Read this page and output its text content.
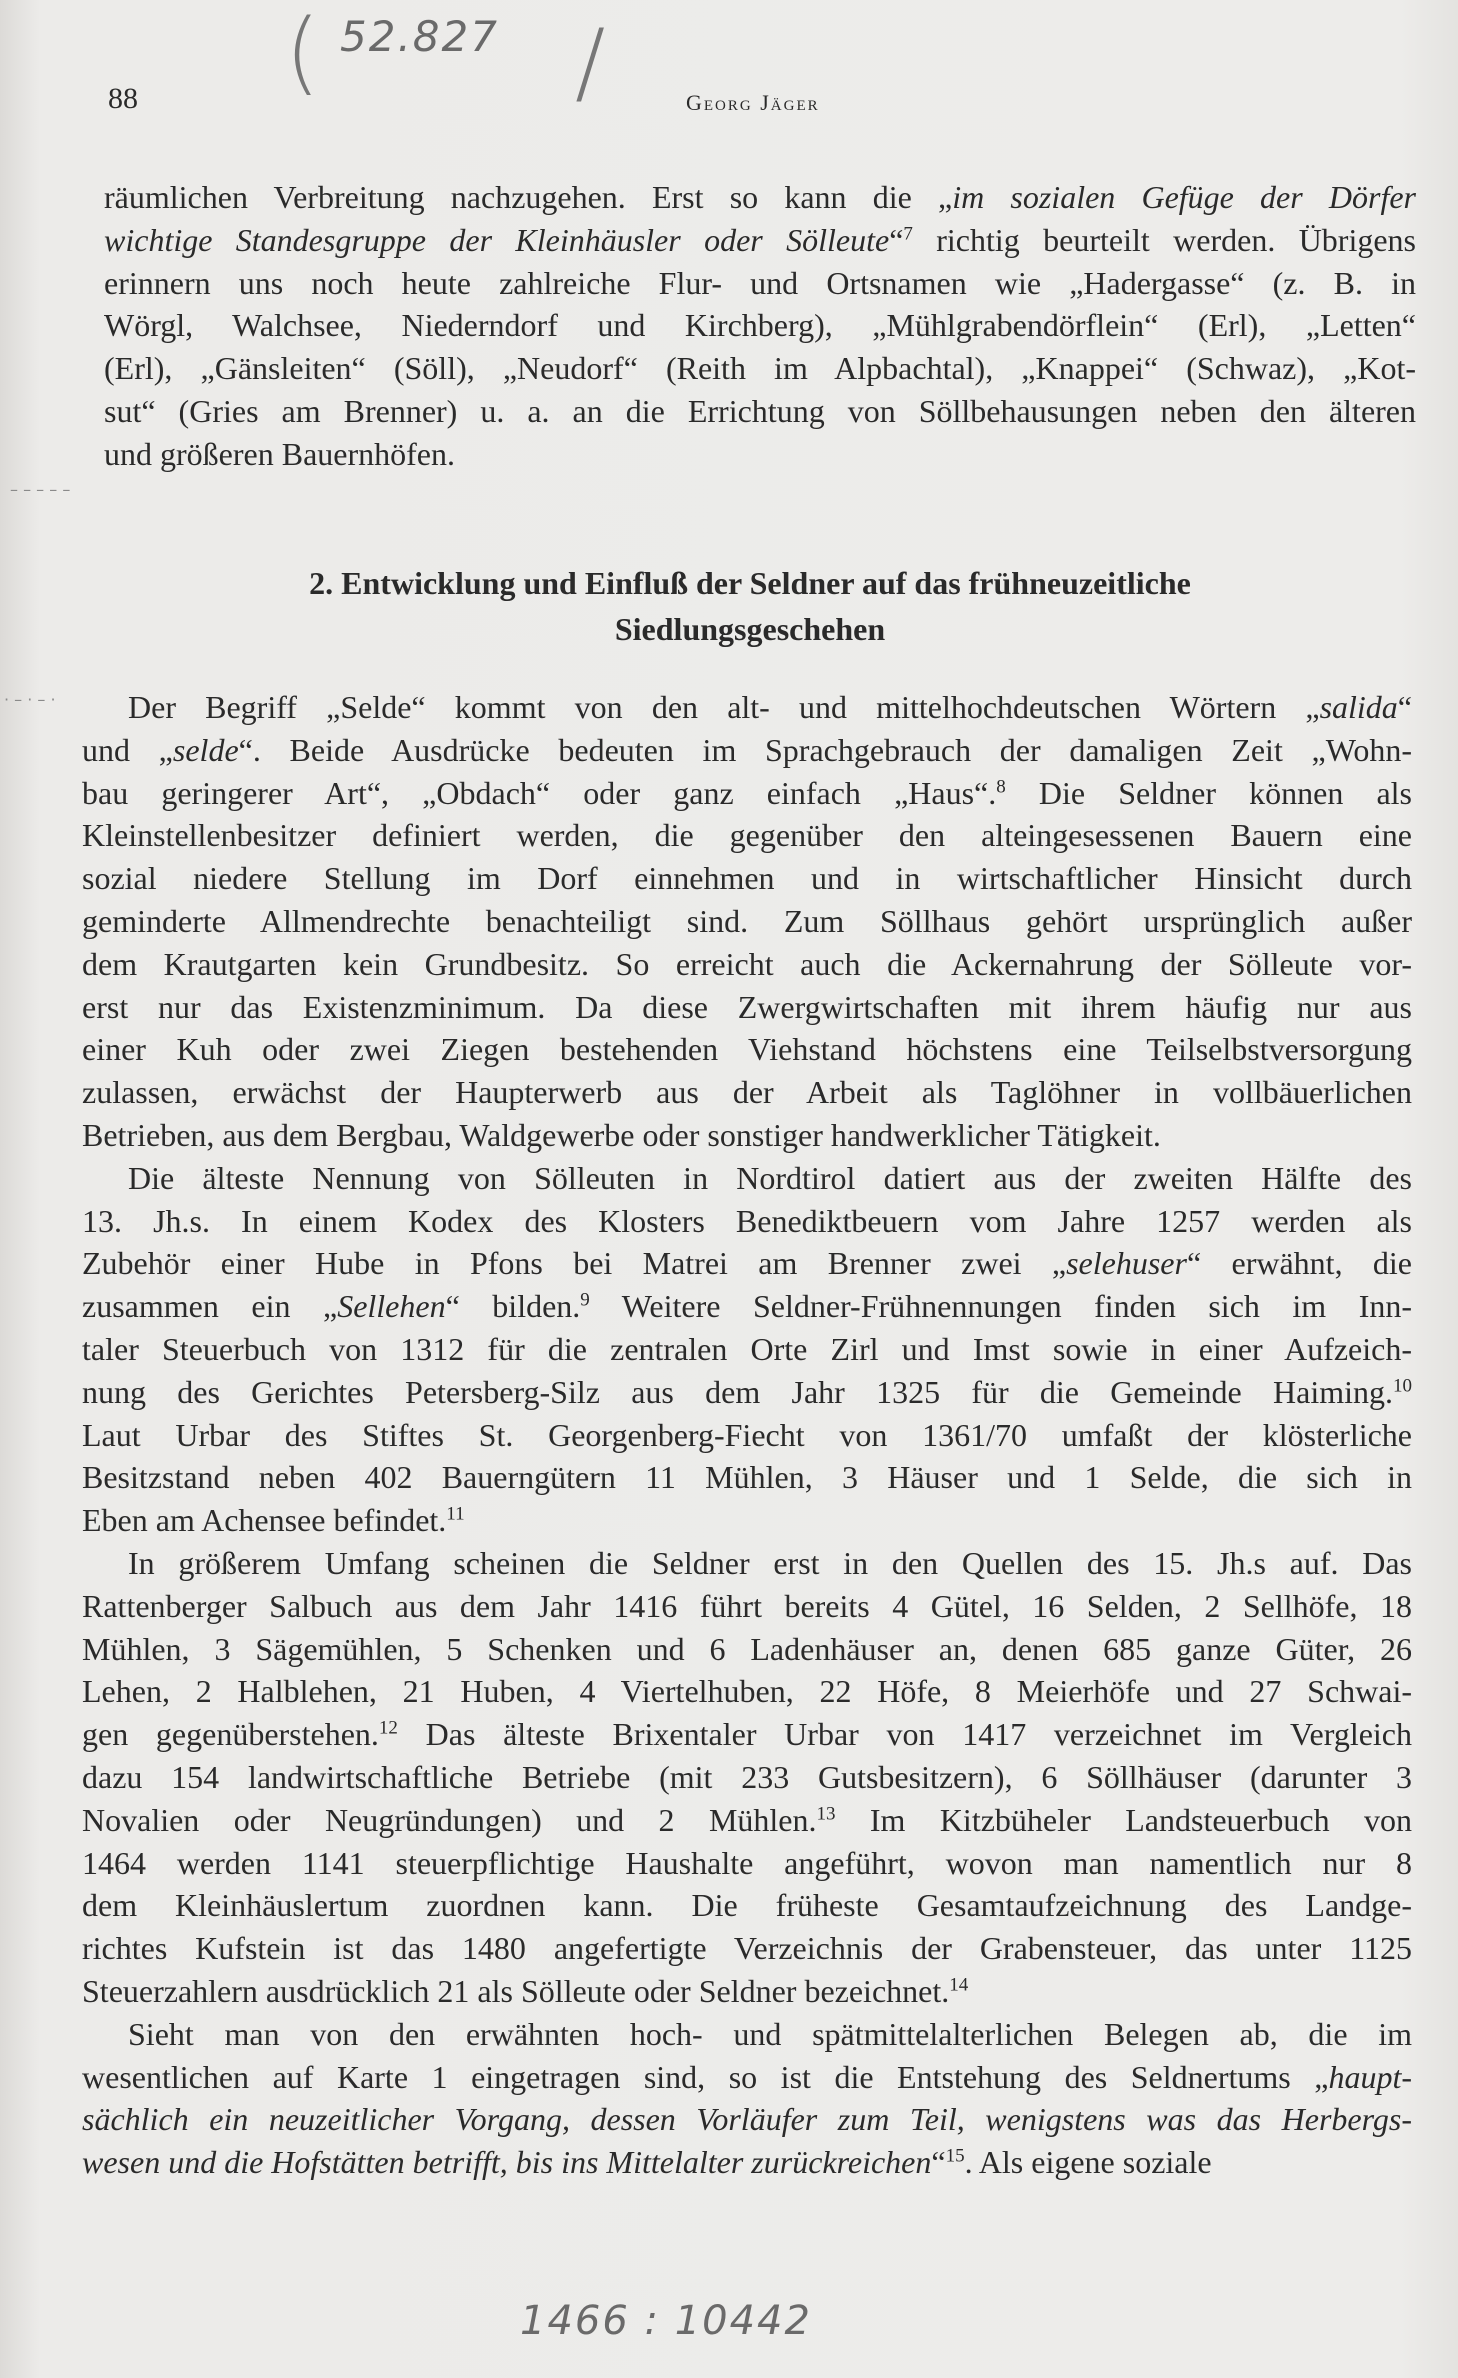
(	/
52.827
88	Georg Jäger
räumlichen Verbreitung nachzugehen. Erst so kann die „im sozialen Gefüge der Dörfer
wichtige Standesgruppe der Kleinhäusler oder Sölleute“$^7$ richtig beurteilt werden. Übrigens
erinnern uns noch heute zahlreiche Flur- und Ortsnamen wie „Hadergasse“ (z. B. in
Wörgl, Walchsee, Niederndorf und Kirchberg), „Mühlgrabendörflein“ (Erl), „Letten“
(Erl), „Gänsleiten“ (Söll), „Neudorf“ (Reith im Alpbachtal), „Knappei“ (Schwaz), „Kot-
sut“ (Gries am Brenner) u. a. an die Errichtung von Söllbehausungen neben den älteren
und größeren Bauernhöfen.
– – – – –
· – · – ·
2. Entwicklung und Einfluß der Seldner auf das frühneuzeitliche
Siedlungsgeschehen
Der Begriff „Selde“ kommt von den alt- und mittelhochdeutschen Wörtern „salida“
und „selde“. Beide Ausdrücke bedeuten im Sprachgebrauch der damaligen Zeit „Wohn-
bau geringerer Art“, „Obdach“ oder ganz einfach „Haus“.$^8$ Die Seldner können als
Kleinstellenbesitzer definiert werden, die gegenüber den alteingesessenen Bauern eine
sozial niedere Stellung im Dorf einnehmen und in wirtschaftlicher Hinsicht durch
geminderte Allmendrechte benachteiligt sind. Zum Söllhaus gehört ursprünglich außer
dem Krautgarten kein Grundbesitz. So erreicht auch die Ackernahrung der Sölleute vor-
erst nur das Existenzminimum. Da diese Zwergwirtschaften mit ihrem häufig nur aus
einer Kuh oder zwei Ziegen bestehenden Viehstand höchstens eine Teilselbstversorgung
zulassen, erwächst der Haupterwerb aus der Arbeit als Taglöhner in vollbäuerlichen
Betrieben, aus dem Bergbau, Waldgewerbe oder sonstiger handwerklicher Tätigkeit.
Die älteste Nennung von Sölleuten in Nordtirol datiert aus der zweiten Hälfte des
13. Jh.s. In einem Kodex des Klosters Benediktbeuern vom Jahre 1257 werden als
Zubehör einer Hube in Pfons bei Matrei am Brenner zwei „selehuser“ erwähnt, die
zusammen ein „Sellehen“ bilden.$^9$ Weitere Seldner-Frühnennungen finden sich im Inn-
taler Steuerbuch von 1312 für die zentralen Orte Zirl und Imst sowie in einer Aufzeich-
nung des Gerichtes Petersberg-Silz aus dem Jahr 1325 für die Gemeinde Haiming.$^{10}$
Laut Urbar des Stiftes St. Georgenberg-Fiecht von 1361/70 umfaßt der klösterliche
Besitzstand neben 402 Bauerngütern 11 Mühlen, 3 Häuser und 1 Selde, die sich in
Eben am Achensee befindet.$^{11}$
In größerem Umfang scheinen die Seldner erst in den Quellen des 15. Jh.s auf. Das
Rattenberger Salbuch aus dem Jahr 1416 führt bereits 4 Gütel, 16 Selden, 2 Sellhöfe, 18
Mühlen, 3 Sägemühlen, 5 Schenken und 6 Ladenhäuser an, denen 685 ganze Güter, 26
Lehen, 2 Halblehen, 21 Huben, 4 Viertelhuben, 22 Höfe, 8 Meierhöfe und 27 Schwai-
gen gegenüberstehen.$^{12}$ Das älteste Brixentaler Urbar von 1417 verzeichnet im Vergleich
dazu 154 landwirtschaftliche Betriebe (mit 233 Gutsbesitzern), 6 Söllhäuser (darunter 3
Novalien oder Neugründungen) und 2 Mühlen.$^{13}$ Im Kitzbüheler Landsteuerbuch von
1464 werden 1141 steuerpflichtige Haushalte angeführt, wovon man namentlich nur 8
dem Kleinhäuslertum zuordnen kann. Die früheste Gesamtaufzeichnung des Landge-
richtes Kufstein ist das 1480 angefertigte Verzeichnis der Grabensteuer, das unter 1125
Steuerzahlern ausdrücklich 21 als Sölleute oder Seldner bezeichnet.$^{14}$
Sieht man von den erwähnten hoch- und spätmittelalterlichen Belegen ab, die im
wesentlichen auf Karte 1 eingetragen sind, so ist die Entstehung des Seldnertums „haupt-
sächlich ein neuzeitlicher Vorgang, dessen Vorläufer zum Teil, wenigstens was das Herbergs-
wesen und die Hofstätten betrifft, bis ins Mittelalter zurückreichen“$^{15}$. Als eigene soziale
1466 : 10442
